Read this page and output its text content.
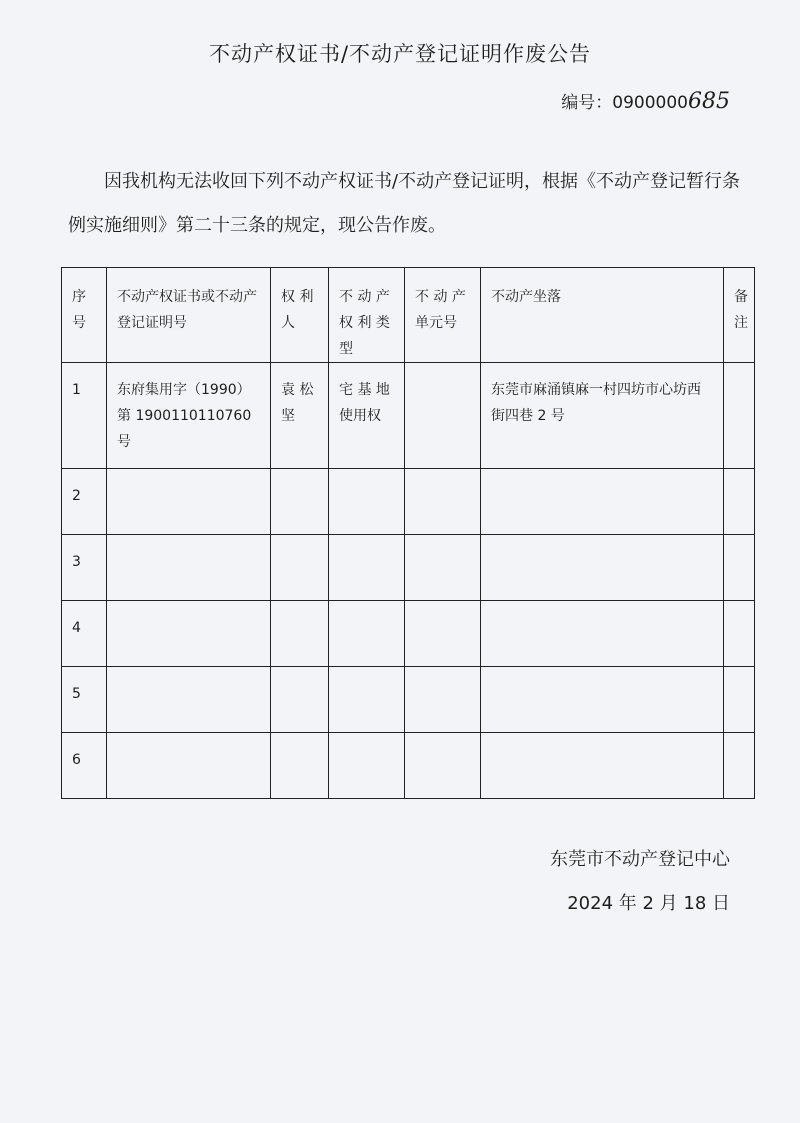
不动产权证书/不动产登记证明作废公告
编号：0900000685
因我机构无法收回下列不动产权证书/不动产登记证明，根据《不动产登记暂行条例实施细则》第二十三条的规定，现公告作废。
序号	不动产权证书或不动产登记证明号	权 利 人	不 动 产 权 利 类 型	不 动 产 单元号	不动产坐落	备注
1	东府集用字（1990）第 1900110110760 号	袁 松 坚	宅 基 地 使用权		东莞市麻涌镇麻一村四坊市心坊西街四巷 2 号	
2						
3						
4						
5						
6						
东莞市不动产登记中心
2024 年 2 月 18 日
